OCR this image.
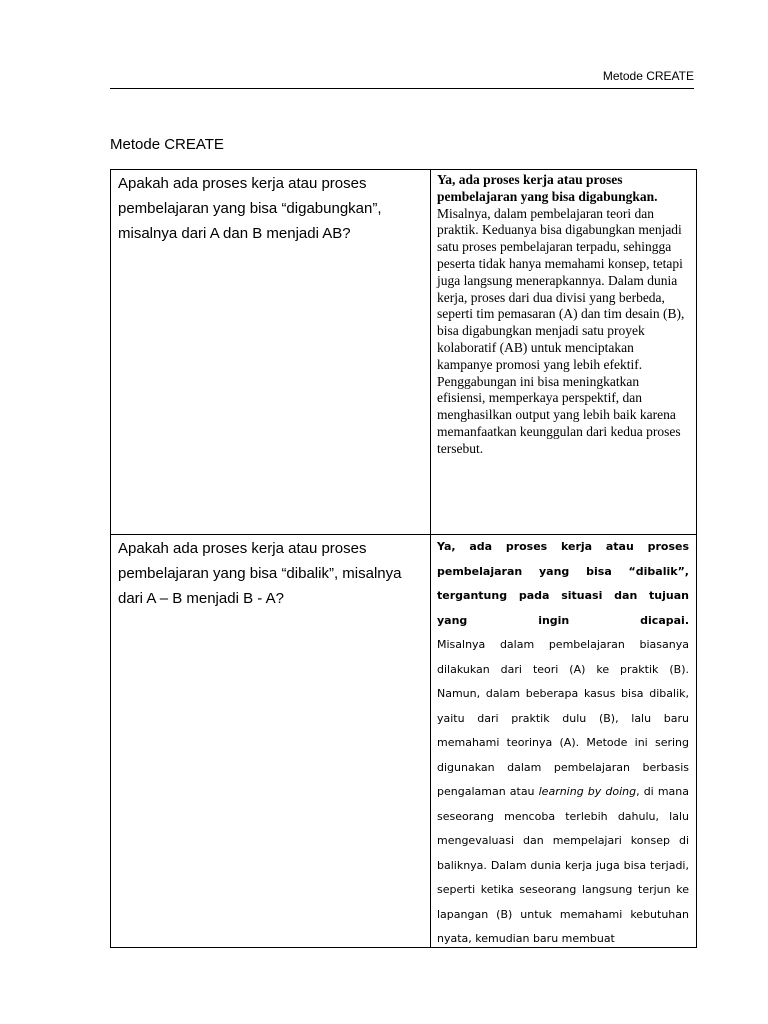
Metode CREATE
Metode CREATE
Apakah ada proses kerja atau proses pembelajaran yang bisa “digabungkan”, misalnya dari A dan B menjadi AB?	Ya, ada proses kerja atau proses pembelajaran yang bisa digabungkan.
Misalnya, dalam pembelajaran teori dan praktik. Keduanya bisa digabungkan menjadi satu proses pembelajaran terpadu, sehingga peserta tidak hanya memahami konsep, tetapi juga langsung menerapkannya. Dalam dunia kerja, proses dari dua divisi yang berbeda, seperti tim pemasaran (A) dan tim desain (B), bisa digabungkan menjadi satu proyek kolaboratif (AB) untuk menciptakan kampanye promosi yang lebih efektif. Penggabungan ini bisa meningkatkan efisiensi, memperkaya perspektif, dan menghasilkan output yang lebih baik karena memanfaatkan keunggulan dari kedua proses tersebut.

Apakah ada proses kerja atau proses pembelajaran yang bisa “dibalik”, misalnya dari A – B menjadi B - A?	Ya, ada proses kerja atau proses pembelajaran yang bisa “dibalik”, tergantung pada situasi dan tujuan yang ingin dicapai.
Misalnya dalam pembelajaran biasanya dilakukan dari teori (A) ke praktik (B). Namun, dalam beberapa kasus bisa dibalik, yaitu dari praktik dulu (B), lalu baru memahami teorinya (A). Metode ini sering digunakan dalam pembelajaran berbasis pengalaman atau learning by doing, di mana seseorang mencoba terlebih dahulu, lalu mengevaluasi dan mempelajari konsep di baliknya. Dalam dunia kerja juga bisa terjadi, seperti ketika seseorang langsung terjun ke lapangan (B) untuk memahami kebutuhan nyata, kemudian baru membuat
